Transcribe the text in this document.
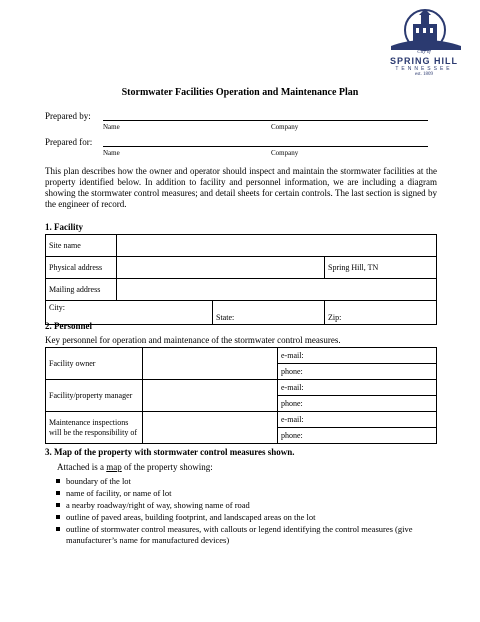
City of
SPRING HILL
TENNESSEE
est. 1809
Stormwater Facilities Operation and Maintenance Plan
Prepared by:
Name	Company
Prepared for:
Name	Company
This plan describes how the owner and operator should inspect and maintain the stormwater facilities at the property identified below. In addition to facility and personnel information, we are including a diagram showing the stormwater control measures; and detail sheets for certain controls. The last section is signed by the engineer of record.
1. Facility
Site name			
Physical address			Spring Hill, TN
Mailing address			
City:		State:	Zip:
2. Personnel
Key personnel for operation and maintenance of the stormwater control measures.
Facility owner		e-mail:
		phone:
Facility/property manager		e-mail:
		phone:
Maintenance inspections will be the responsibility of		e-mail:
		phone:
3. Map of the property with stormwater control measures shown.
Attached is a map of the property showing:
boundary of the lot
name of facility, or name of lot
a nearby roadway/right of way, showing name of road
outline of paved areas, building footprint, and landscaped areas on the lot
outline of stormwater control measures, with callouts or legend identifying the control measures (give manufacturer’s name for manufactured devices)
